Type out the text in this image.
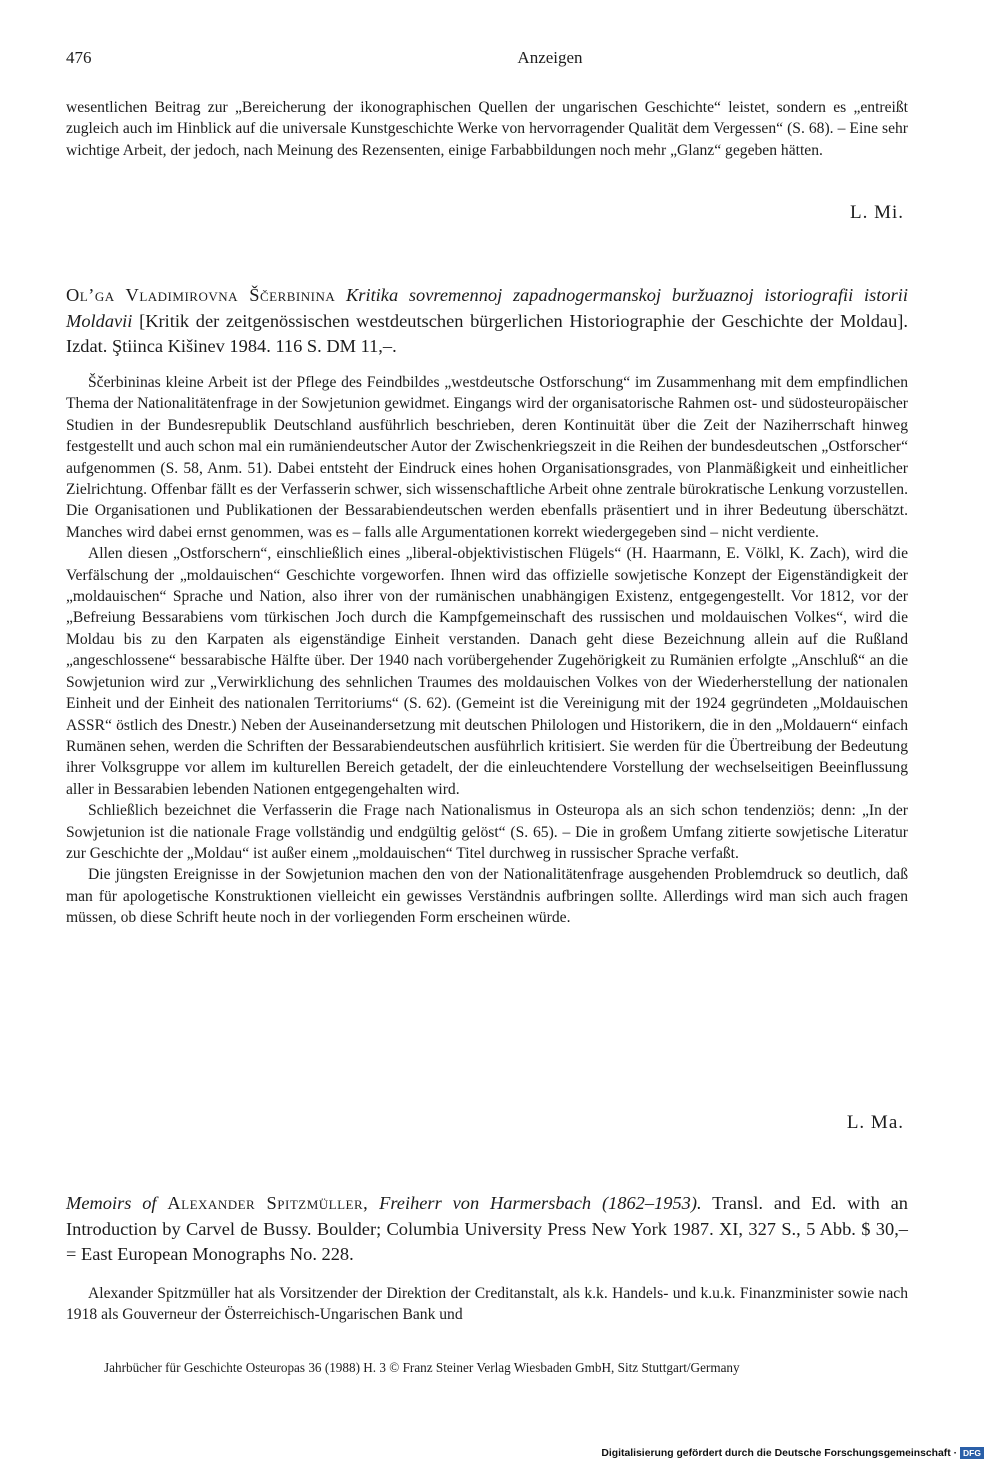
476	Anzeigen

wesentlichen Beitrag zur „Bereicherung der ikonographischen Quellen der ungarischen Geschichte“ leistet, sondern es „entreißt zugleich auch im Hinblick auf die universale Kunstgeschichte Werke von hervorragender Qualität dem Vergessen“ (S. 68). – Eine sehr wichtige Arbeit, der jedoch, nach Meinung des Rezensenten, einige Farbabbildungen noch mehr „Glanz“ gegeben hätten.

L. Mi.
Ol’ga Vladimirovna Ščerbinina Kritika sovremennoj zapadnogermanskoj buržuaznoj istoriografii istorii Moldavii [Kritik der zeitgenössischen westdeutschen bürgerlichen Historiographie der Geschichte der Moldau]. Izdat. Ştiinca Kišinev 1984. 116 S. DM 11,–.

Ščerbininas kleine Arbeit ist der Pflege des Feindbildes „westdeutsche Ostforschung“ im Zusammenhang mit dem empfindlichen Thema der Nationalitätenfrage in der Sowjetunion gewidmet. Eingangs wird der organisatorische Rahmen ost- und südosteuropäischer Studien in der Bundesrepublik Deutschland ausführlich beschrieben, deren Kontinuität über die Zeit der Naziherrschaft hinweg festgestellt und auch schon mal ein rumäniendeutscher Autor der Zwischenkriegszeit in die Reihen der bundesdeutschen „Ostforscher“ aufgenommen (S. 58, Anm. 51). Dabei entsteht der Eindruck eines hohen Organisationsgrades, von Planmäßigkeit und einheitlicher Zielrichtung. Offenbar fällt es der Verfasserin schwer, sich wissenschaftliche Arbeit ohne zentrale bürokratische Lenkung vorzustellen. Die Organisationen und Publikationen der Bessarabiendeutschen werden ebenfalls präsentiert und in ihrer Bedeutung überschätzt. Manches wird dabei ernst genommen, was es – falls alle Argumentationen korrekt wiedergegeben sind – nicht verdiente.

Allen diesen „Ostforschern“, einschließlich eines „liberal-objektivistischen Flügels“ (H. Haarmann, E. Völkl, K. Zach), wird die Verfälschung der „moldauischen“ Geschichte vorgeworfen. Ihnen wird das offizielle sowjetische Konzept der Eigenständigkeit der „moldauischen“ Sprache und Nation, also ihrer von der rumänischen unabhängigen Existenz, entgegengestellt. Vor 1812, vor der „Befreiung Bessarabiens vom türkischen Joch durch die Kampfgemeinschaft des russischen und moldauischen Volkes“, wird die Moldau bis zu den Karpaten als eigenständige Einheit verstanden. Danach geht diese Bezeichnung allein auf die Rußland „angeschlossene“ bessarabische Hälfte über. Der 1940 nach vorübergehender Zugehörigkeit zu Rumänien erfolgte „Anschluß“ an die Sowjetunion wird zur „Verwirklichung des sehnlichen Traumes des moldauischen Volkes von der Wiederherstellung der nationalen Einheit und der Einheit des nationalen Territoriums“ (S. 62). (Gemeint ist die Vereinigung mit der 1924 gegründeten „Moldauischen ASSR“ östlich des Dnestr.) Neben der Auseinandersetzung mit deutschen Philologen und Historikern, die in den „Moldauern“ einfach Rumänen sehen, werden die Schriften der Bessarabiendeutschen ausführlich kritisiert. Sie werden für die Übertreibung der Bedeutung ihrer Volksgruppe vor allem im kulturellen Bereich getadelt, der die einleuchtendere Vorstellung der wechselseitigen Beeinflussung aller in Bessarabien lebenden Nationen entgegengehalten wird.

Schließlich bezeichnet die Verfasserin die Frage nach Nationalismus in Osteuropa als an sich schon tendenziös; denn: „In der Sowjetunion ist die nationale Frage vollständig und endgültig gelöst“ (S. 65). – Die in großem Umfang zitierte sowjetische Literatur zur Geschichte der „Moldau“ ist außer einem „moldauischen“ Titel durchweg in russischer Sprache verfaßt.

Die jüngsten Ereignisse in der Sowjetunion machen den von der Nationalitätenfrage ausgehenden Problemdruck so deutlich, daß man für apologetische Konstruktionen vielleicht ein gewisses Verständnis aufbringen sollte. Allerdings wird man sich auch fragen müssen, ob diese Schrift heute noch in der vorliegenden Form erscheinen würde.

L. Ma.
Memoirs of Alexander Spitzmüller, Freiherr von Harmersbach (1862–1953). Transl. and Ed. with an Introduction by Carvel de Bussy. Boulder; Columbia University Press New York 1987. XI, 327 S., 5 Abb. $ 30,– = East European Monographs No. 228.

Alexander Spitzmüller hat als Vorsitzender der Direktion der Creditanstalt, als k.k. Handels- und k.u.k. Finanzminister sowie nach 1918 als Gouverneur der Österreichisch-Ungarischen Bank und

Jahrbücher für Geschichte Osteuropas 36 (1988) H. 3 © Franz Steiner Verlag Wiesbaden GmbH, Sitz Stuttgart/Germany
Digitalisierung gefördert durch die Deutsche Forschungsgemeinschaft · DFG
